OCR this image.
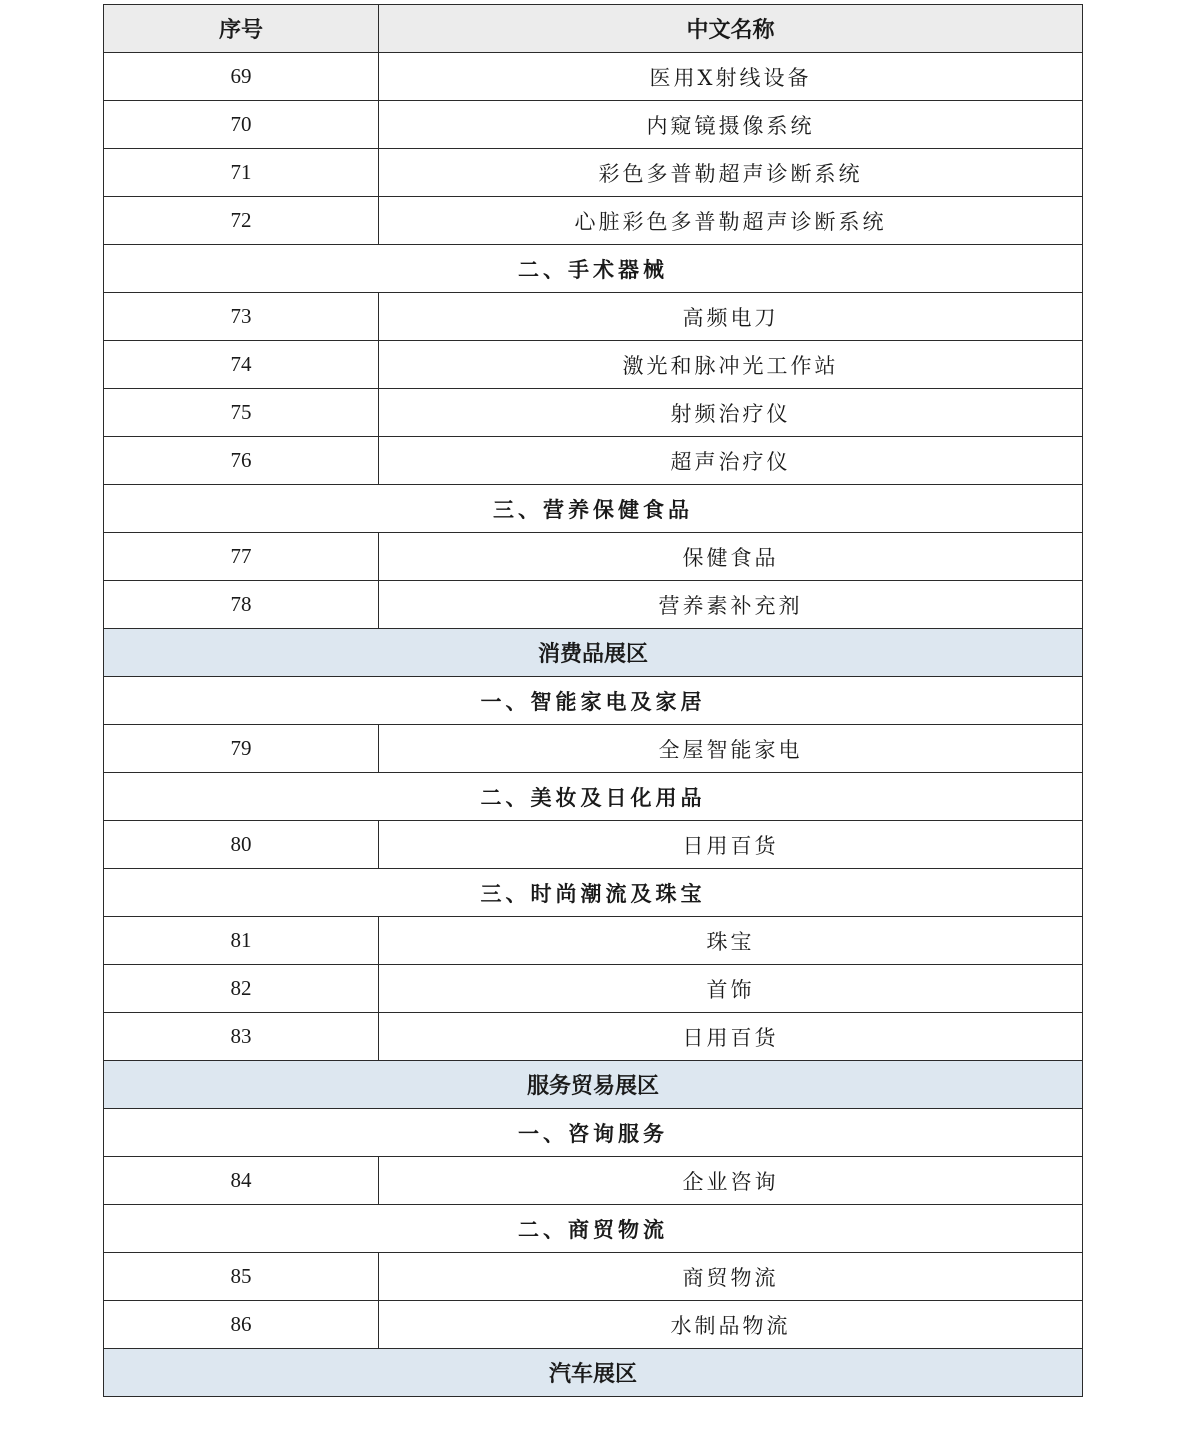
序号	中文名称
69	医用X射线设备
70	内窥镜摄像系统
71	彩色多普勒超声诊断系统
72	心脏彩色多普勒超声诊断系统
二、手术器械	
73	高频电刀
74	激光和脉冲光工作站
75	射频治疗仪
76	超声治疗仪
三、营养保健食品	
77	保健食品
78	营养素补充剂
消费品展区	
一、智能家电及家居	
79	全屋智能家电
二、美妆及日化用品	
80	日用百货
三、时尚潮流及珠宝	
81	珠宝
82	首饰
83	日用百货
服务贸易展区	
一、咨询服务	
84	企业咨询
二、商贸物流	
85	商贸物流
86	水制品物流
汽车展区	
